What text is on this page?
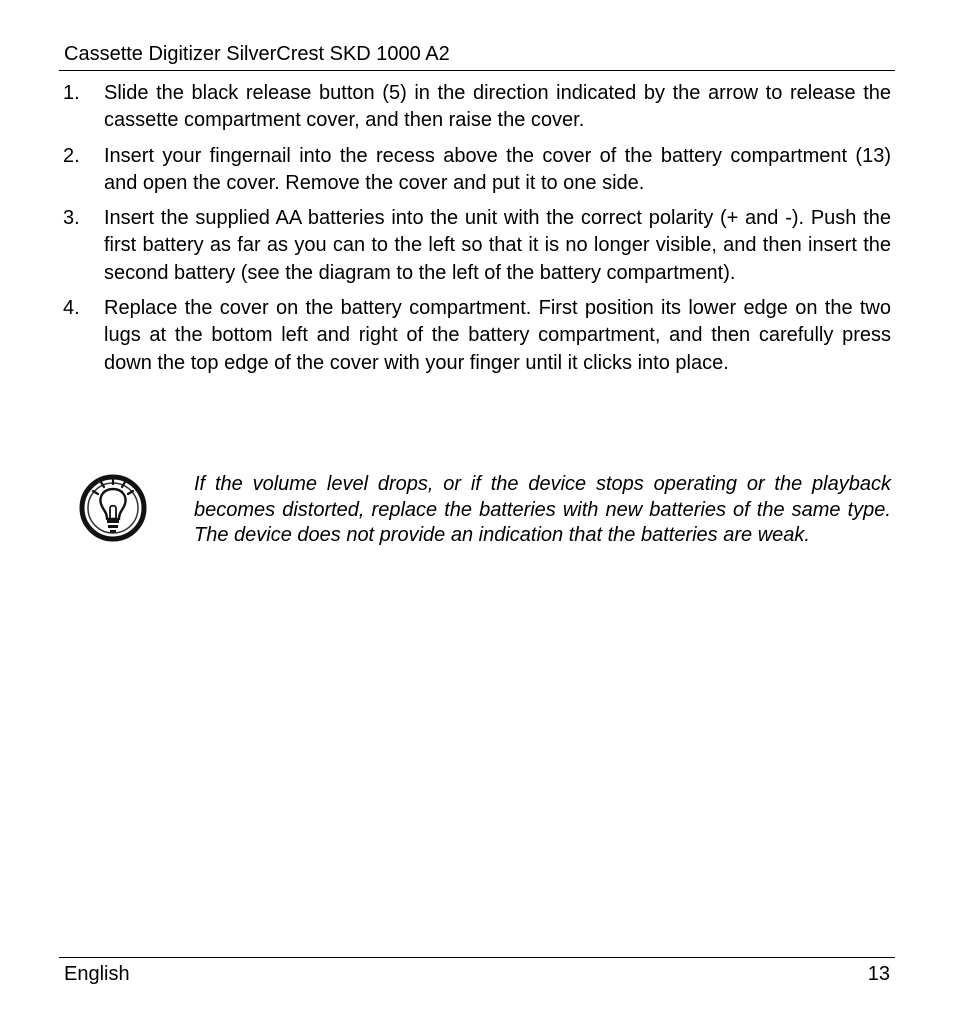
Cassette Digitizer SilverCrest SKD 1000 A2
1. Slide the black release button (5) in the direction indicated by the arrow to release the cassette compartment cover, and then raise the cover.
2. Insert your fingernail into the recess above the cover of the battery compartment (13) and open the cover. Remove the cover and put it to one side.
3. Insert the supplied AA batteries into the unit with the correct polarity (+ and -). Push the first battery as far as you can to the left so that it is no longer visible, and then insert the second battery (see the diagram to the left of the battery compartment).
4. Replace the cover on the battery compartment. First position its lower edge on the two lugs at the bottom left and right of the battery compartment, and then carefully press down the top edge of the cover with your finger until it clicks into place.
If the volume level drops, or if the device stops operating or the playback becomes distorted, replace the batteries with new batteries of the same type. The device does not provide an indication that the batteries are weak.
English	13
